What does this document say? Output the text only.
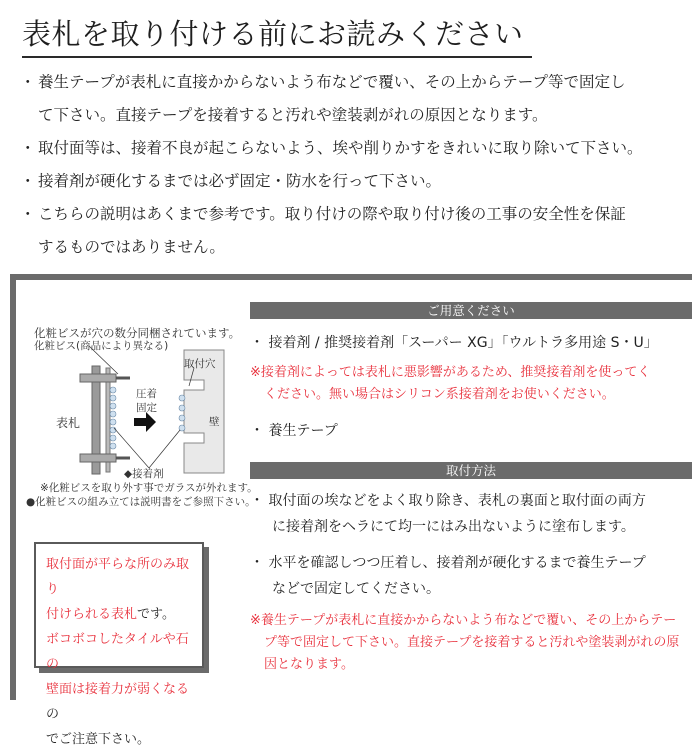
表札を取り付ける前にお読みください
・ 養生テープが表札に直接かからないよう布などで覆い、その上からテープ等で固定し
て下さい。直接テープを接着すると汚れや塗装剥がれの原因となります。
・ 取付面等は、接着不良が起こらないよう、埃や削りかすをきれいに取り除いて下さい。
・ 接着剤が硬化するまでは必ず固定・防水を行って下さい。
・ こちらの説明はあくまで参考です。取り付けの際や取り付け後の工事の安全性を保証
するものではありません。
化粧ビスが穴の数分同梱されています。
化粧ビス(商品により異なる)
取付穴
表札
圧着
固定
壁
◆接着剤
※化粧ビスを取り外す事でガラスが外れます。
●化粧ビスの組み立ては説明書をご参照下さい。
取付面が平らな所のみ取り
付けられる表札です。
ボコボコしたタイルや石の
壁面は接着力が弱くなるの
でご注意下さい。
ご用意ください
・ 接着剤 / 推奨接着剤「スーパー XG」「ウルトラ多用途 S・U」
※接着剤によっては表札に悪影響があるため、推奨接着剤を使ってく
ください。無い場合はシリコン系接着剤をお使いください。
・ 養生テープ
取付方法
・ 取付面の埃などをよく取り除き、表札の裏面と取付面の両方
に接着剤をヘラにて均一にはみ出ないように塗布します。
・ 水平を確認しつつ圧着し、接着剤が硬化するまで養生テープ
などで固定してください。
※養生テープが表札に直接かからないよう布などで覆い、その上からテー
プ等で固定して下さい。直接テープを接着すると汚れや塗装剥がれの原
因となります。
